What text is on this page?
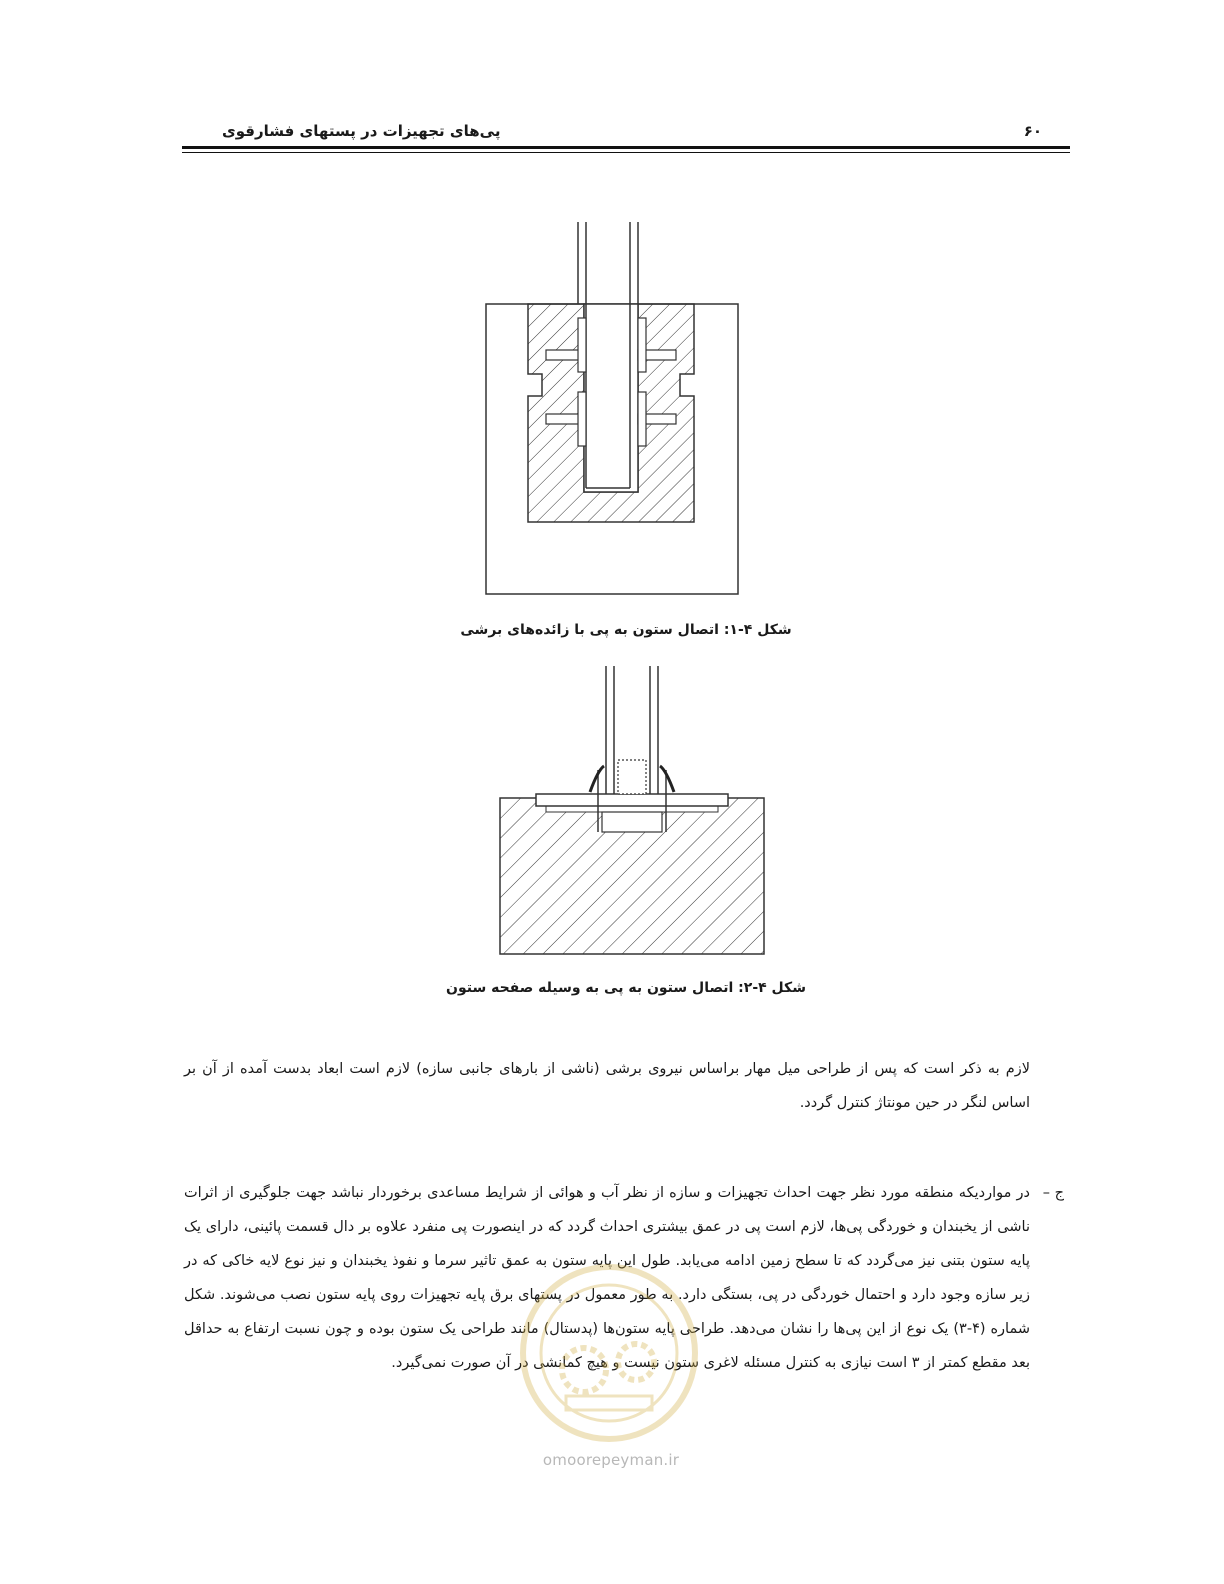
پی‌های تجهیزات در پستهای فشارقوی	۶۰
شکل ۴-۱: اتصال ستون به پی با زائده‌های برشی
شکل ۴-۲: اتصال ستون به پی به وسیله صفحه ستون
لازم به ذکر است که پس از طراحی میل مهار براساس نیروی برشی (ناشی از بارهای جانبی سازه) لازم است ابعاد بدست آمده از آن بر اساس لنگر در حین مونتاژ کنترل گردد.
ج –
در مواردیکه منطقه مورد نظر جهت احداث تجهیزات و سازه از نظر آب و هوائی از شرایط مساعدی برخوردار نباشد جهت جلوگیری از اثرات ناشی از یخبندان و خوردگی پی‌ها، لازم است پی در عمق بیشتری احداث گردد که در اینصورت پی منفرد علاوه بر دال قسمت پائینی، دارای یک پایه ستون بتنی نیز می‌گردد که تا سطح زمین ادامه می‌یابد. طول این پایه ستون به عمق تاثیر سرما و نفوذ یخبندان و نیز نوع لایه خاکی که در زیر سازه وجود دارد و احتمال خوردگی در پی، بستگی دارد. به طور معمول در پستهای برق پایه تجهیزات روی پایه ستون نصب می‌شوند. شکل شماره (۴-۳) یک نوع از این پی‌ها را نشان می‌دهد. طراحی پایه ستون‌ها (پدستال) مانند طراحی یک ستون بوده و چون نسبت ارتفاع به حداقل بعد مقطع کمتر از ۳ است نیازی به کنترل مسئله لاغری ستون نیست و هیچ کمانشی در آن صورت نمی‌گیرد.
omoorepeyman.ir
